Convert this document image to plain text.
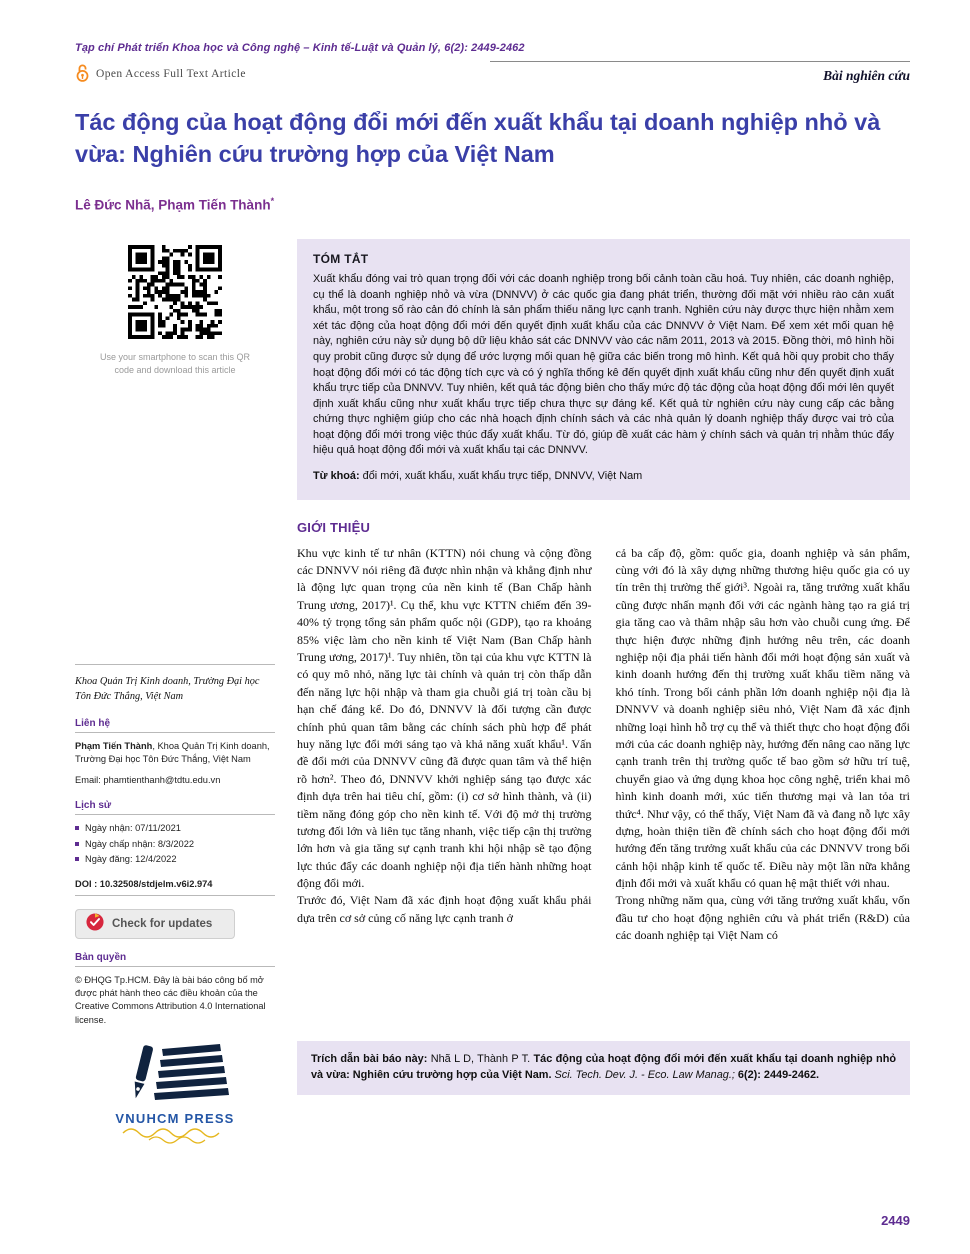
Tạp chí Phát triển Khoa học và Công nghệ – Kinh tế-Luật và Quản lý, 6(2): 2449-2462
Open Access Full Text Article	Bài nghiên cứu
Tác động của hoạt động đổi mới đến xuất khẩu tại doanh nghiệp nhỏ và vừa: Nghiên cứu trường hợp của Việt Nam
Lê Đức Nhã, Phạm Tiến Thành*
Use your smartphone to scan this QR code and download this article

Khoa Quản Trị Kinh doanh, Trường Đại học Tôn Đức Thắng, Việt Nam

Liên hệ

Phạm Tiến Thành, Khoa Quản Trị Kinh doanh, Trường Đại học Tôn Đức Thắng, Việt Nam

Email: phamtienthanh@tdtu.edu.vn

Lịch sử
Ngày nhận: 07/11/2021
Ngày chấp nhận: 8/3/2022
Ngày đăng: 12/4/2022
DOI : 10.32508/stdjelm.v6i2.974
Check for updates
Bản quyền

© ĐHQG Tp.HCM. Đây là bài báo công bố mở được phát hành theo các điều khoản của the Creative Commons Attribution 4.0 International license.

VNUHCM PRESS
TÓM TẮT

Xuất khẩu đóng vai trò quan trọng đối với các doanh nghiệp trong bối cảnh toàn cầu hoá. Tuy nhiên, các doanh nghiệp, cụ thể là doanh nghiệp nhỏ và vừa (DNNVV) ở các quốc gia đang phát triển, thường đối mặt với nhiều rào cản xuất khẩu, một trong số rào cản đó chính là sản phẩm thiếu năng lực cạnh tranh. Nghiên cứu này được thực hiện nhằm xem xét tác động của hoạt động đổi mới đến quyết định xuất khẩu của các DNNVV ở Việt Nam. Để xem xét mối quan hệ này, nghiên cứu này sử dụng bộ dữ liệu khảo sát các DNNVV vào các năm 2011, 2013 và 2015. Đồng thời, mô hình hồi quy probit cũng được sử dụng để ước lượng mối quan hệ giữa các biến trong mô hình. Kết quả hồi quy probit cho thấy hoạt động đổi mới có tác động tích cực và có ý nghĩa thống kê đến quyết định xuất khẩu cũng như đến quyết định xuất khẩu trực tiếp của DNNVV. Tuy nhiên, kết quả tác động biên cho thấy mức độ tác động của hoạt động đổi mới lên quyết định xuất khẩu cũng như xuất khẩu trực tiếp chưa thực sự đáng kể. Kết quả từ nghiên cứu này cung cấp các bằng chứng thực nghiệm giúp cho các nhà hoạch định chính sách và các nhà quản lý doanh nghiệp thấy được vai trò của hoạt động đổi mới trong việc thúc đẩy xuất khẩu. Từ đó, giúp đề xuất các hàm ý chính sách và quản trị nhằm thúc đẩy hiệu quả hoạt động đổi mới và xuất khẩu tại các DNNVV.

Từ khoá: đổi mới, xuất khẩu, xuất khẩu trực tiếp, DNNVV, Việt Nam

GIỚI THIỆU

Khu vực kinh tế tư nhân (KTTN) nói chung và cộng đồng các DNNVV nói riêng đã được nhìn nhận và khẳng định như là động lực quan trọng của nền kinh tế (Ban Chấp hành Trung ương, 2017)¹. Cụ thể, khu vực KTTN chiếm đến 39-40% tỷ trọng tổng sản phẩm quốc nội (GDP), tạo ra khoảng 85% việc làm cho nền kinh tế Việt Nam (Ban Chấp hành Trung ương, 2017)¹. Tuy nhiên, tồn tại của khu vực KTTN là có quy mô nhỏ, năng lực tài chính và quản trị còn thấp dẫn đến năng lực hội nhập và tham gia chuỗi giá trị toàn cầu bị hạn chế đáng kể. Do đó, DNNVV là đối tượng cần được chính phủ quan tâm bằng các chính sách phù hợp để phát huy năng lực đổi mới sáng tạo và khả năng xuất khẩu¹. Vấn đề đổi mới của DNNVV cũng đã được quan tâm và thể hiện rõ hơn². Theo đó, DNNVV khởi nghiệp sáng tạo được xác định dựa trên hai tiêu chí, gồm: (i) cơ sở hình thành, và (ii) tiềm năng đóng góp cho nền kinh tế. Với độ mở thị trường tương đối lớn và liên tục tăng nhanh, việc tiếp cận thị trường lớn hơn và gia tăng sự cạnh tranh khi hội nhập sẽ tạo động lực thúc đẩy các doanh nghiệp nội địa tiến hành những hoạt động đổi mới.

Trước đó, Việt Nam đã xác định hoạt động xuất khẩu phải dựa trên cơ sở củng cố năng lực cạnh tranh ở

cả ba cấp độ, gồm: quốc gia, doanh nghiệp và sản phẩm, cùng với đó là xây dựng những thương hiệu quốc gia có uy tín trên thị trường thế giới³. Ngoài ra, tăng trưởng xuất khẩu cũng được nhấn mạnh đối với các ngành hàng tạo ra giá trị gia tăng cao và thâm nhập sâu hơn vào chuỗi cung ứng. Để thực hiện được những định hướng nêu trên, các doanh nghiệp nội địa phải tiến hành đổi mới hoạt động sản xuất và kinh doanh hướng đến thị trường xuất khẩu tiềm năng và khó tính. Trong bối cảnh phần lớn doanh nghiệp nội địa là DNNVV và doanh nghiệp siêu nhỏ, Việt Nam đã xác định những loại hình hỗ trợ cụ thể và thiết thực cho hoạt động đổi mới của các doanh nghiệp này, hướng đến nâng cao năng lực cạnh tranh trên thị trường quốc tế bao gồm sở hữu trí tuệ, chuyển giao và ứng dụng khoa học công nghệ, triển khai mô hình kinh doanh mới, xúc tiến thương mại và lan tỏa tri thức⁴. Như vậy, có thể thấy, Việt Nam đã và đang nỗ lực xây dựng, hoàn thiện tiền đề chính sách cho hoạt động đổi mới hướng đến tăng trưởng xuất khẩu của các DNNVV trong bối cảnh hội nhập kinh tế quốc tế. Điều này một lần nữa khẳng định đổi mới và xuất khẩu có quan hệ mật thiết với nhau.

Trong những năm qua, cùng với tăng trưởng xuất khẩu, vốn đầu tư cho hoạt động nghiên cứu và phát triển (R&D) của các doanh nghiệp tại Việt Nam có

Trích dẫn bài báo này: Nhã L D, Thành P T. Tác động của hoạt động đổi mới đến xuất khẩu tại doanh nghiệp nhỏ và vừa: Nghiên cứu trường hợp của Việt Nam. Sci. Tech. Dev. J. - Eco. Law Manag.; 6(2): 2449-2462.
2449
